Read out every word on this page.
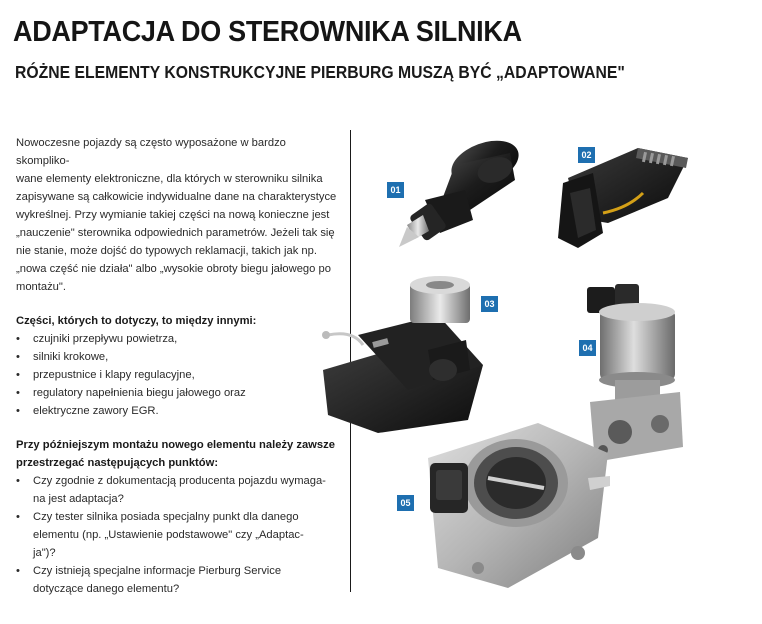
ADAPTACJA DO STEROWNIKA SILNIKA
RÓŻNE ELEMENTY KONSTRUKCYJNE PIERBURG MUSZĄ BYĆ „ADAPTOWANE"

Nowoczesne pojazdy są często wyposażone w bardzo skompliko-
wane elementy elektroniczne, dla których w sterowniku silnika
zapisywane są całkowicie indywidualne dane na charakterystyce
wykreślnej. Przy wymianie takiej części na nową konieczne jest
„nauczenie" sterownika odpowiednich parametrów. Jeżeli tak się
nie stanie, może dojść do typowych reklamacji, takich jak np.
„nowa część nie działa" albo „wysokie obroty biegu jałowego po
montażu".

Części, których to dotyczy, to między innymi:

• czujniki przepływu powietrza,
• silniki krokowe,
• przepustnice i klapy regulacyjne,
• regulatory napełnienia biegu jałowego oraz
• elektryczne zawory EGR.

Przy późniejszym montażu nowego elementu należy zawsze
przestrzegać następujących punktów:

• Czy zgodnie z dokumentacją producenta pojazdu wymaga-
na jest adaptacja?
• Czy tester silnika posiada specjalny punkt dla danego
elementu (np. „Ustawienie podstawowe" czy „Adaptac-
ja")?
• Czy istnieją specjalne informacje Pierburg Service
dotyczące danego elementu?
01
02
03
04
05
